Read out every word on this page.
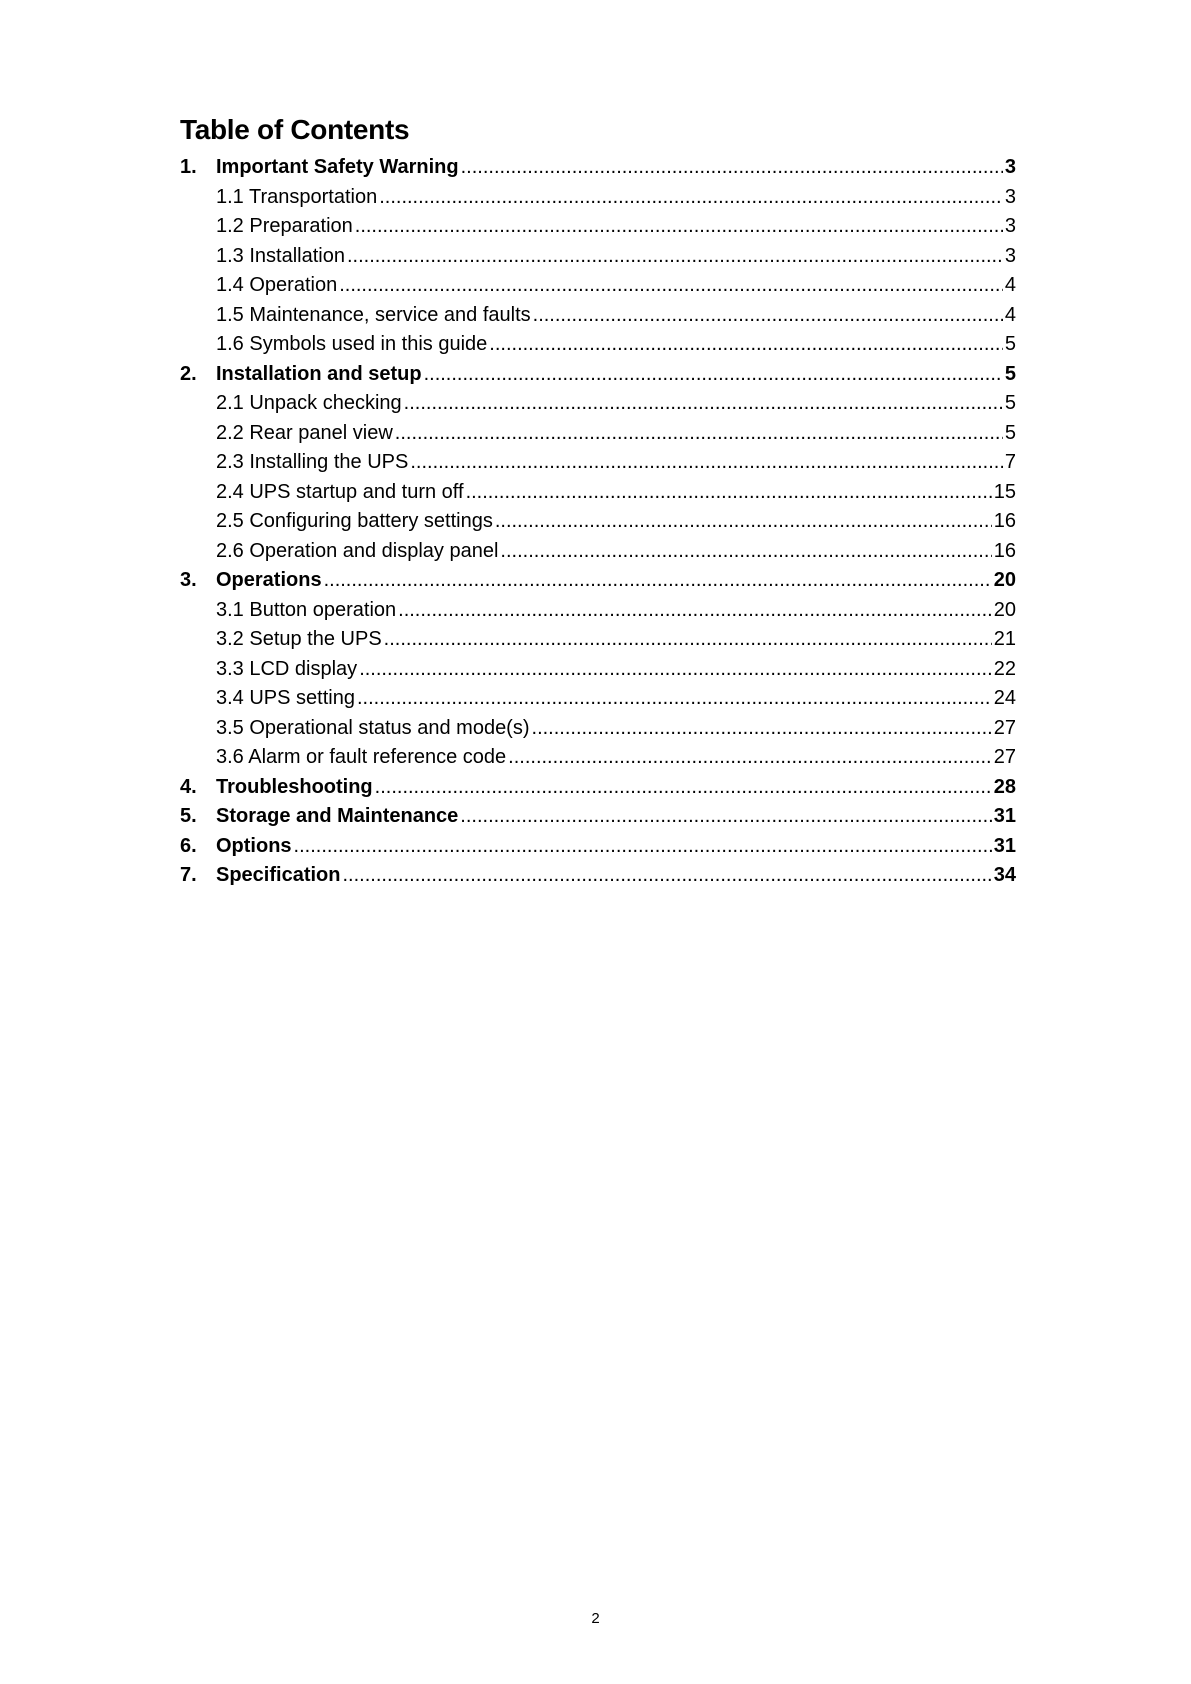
Table of Contents
1. Important Safety Warning .....	3
1.1 Transportation .....	3
1.2 Preparation .....	3
1.3 Installation .....	3
1.4 Operation .....	4
1.5 Maintenance, service and faults .....	4
1.6 Symbols used in this guide .....	5
2. Installation and setup .....	5
2.1 Unpack checking .....	5
2.2 Rear panel view .....	5
2.3 Installing the UPS .....	7
2.4 UPS startup and turn off .....	15
2.5 Configuring battery settings .....	16
2.6 Operation and display panel .....	16
3. Operations .....	20
3.1 Button operation .....	20
3.2 Setup the UPS .....	21
3.3 LCD display .....	22
3.4 UPS setting .....	24
3.5 Operational status and mode(s) .....	27
3.6 Alarm or fault reference code .....	27
4. Troubleshooting .....	28
5. Storage and Maintenance .....	31
6. Options .....	31
7. Specification .....	34
2
